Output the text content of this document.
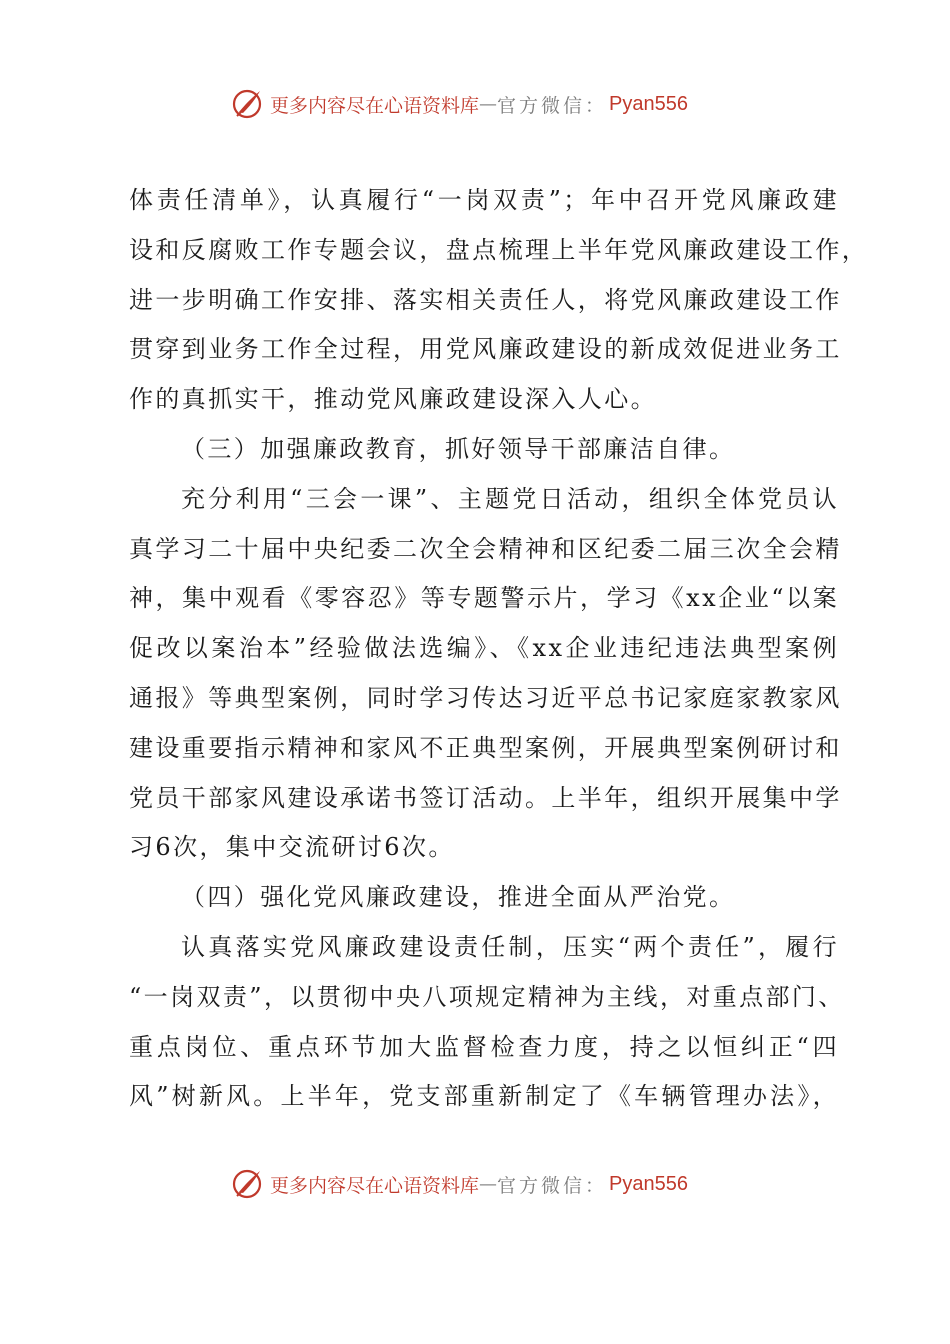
更多内容尽在心语资料库 — 官方微信： Pyan556
体责任清单》，认真履行“一岗双责”；年中召开党风廉政建
设和反腐败工作专题会议，盘点梳理上半年党风廉政建设工作，
进一步明确工作安排、落实相关责任人，将党风廉政建设工作
贯穿到业务工作全过程，用党风廉政建设的新成效促进业务工
作的真抓实干，推动党风廉政建设深入人心。
（三）加强廉政教育，抓好领导干部廉洁自律。
充分利用“三会一课”、主题党日活动，组织全体党员认
真学习二十届中央纪委二次全会精神和区纪委二届三次全会精
神，集中观看《零容忍》等专题警示片，学习《xx企业“以案
促改以案治本”经验做法选编》、《xx企业违纪违法典型案例
通报》等典型案例，同时学习传达习近平总书记家庭家教家风
建设重要指示精神和家风不正典型案例，开展典型案例研讨和
党员干部家风建设承诺书签订活动。上半年，组织开展集中学
习6次，集中交流研讨6次。
（四）强化党风廉政建设，推进全面从严治党。
认真落实党风廉政建设责任制，压实“两个责任”，履行
“一岗双责”，以贯彻中央八项规定精神为主线，对重点部门、
重点岗位、重点环节加大监督检查力度，持之以恒纠正“四
风”树新风。上半年，党支部重新制定了《车辆管理办法》，
更多内容尽在心语资料库 — 官方微信： Pyan556
